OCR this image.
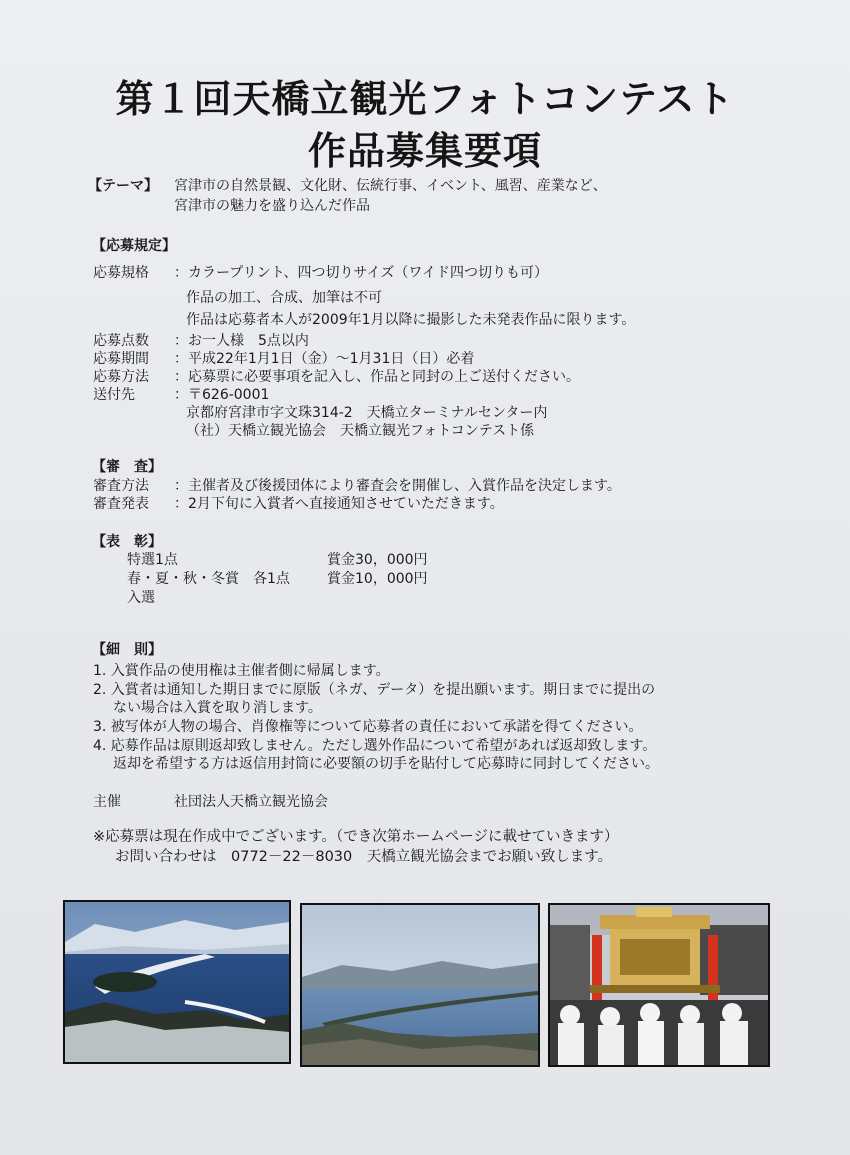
第１回天橋立観光フォトコンテスト
作品募集要項
【テーマ】 宮津市の自然景観、文化財、伝統行事、イベント、風習、産業など、
宮津市の魅力を盛り込んだ作品
【応募規定】
応募規格 ：カラープリント、四つ切りサイズ（ワイド四つ切りも可）
作品の加工、合成、加筆は不可
作品は応募者本人が2009年1月以降に撮影した未発表作品に限ります。
応募点数 ：お一人様　5点以内
応募期間 ：平成22年1月1日（金）～1月31日（日）必着
応募方法 ：応募票に必要事項を記入し、作品と同封の上ご送付ください。
送付先	：〒626-0001
京都府宮津市字文珠314-2　天橋立ターミナルセンター内
（社）天橋立観光協会　天橋立観光フォトコンテスト係
【審　査】
審査方法 ：主催者及び後援団体により審査会を開催し、入賞作品を決定します。
審査発表 ：2月下旬に入賞者へ直接通知させていただきます。
【表　彰】
特選1点	賞金30，000円
春・夏・秋・冬賞　各1点	賞金10，000円
入選
【細　則】
1. 入賞作品の使用権は主催者側に帰属します。
2. 入賞者は通知した期日までに原版（ネガ、データ）を提出願います。期日までに提出の
ない場合は入賞を取り消します。
3. 被写体が人物の場合、肖像権等について応募者の責任において承諾を得てください。
4. 応募作品は原則返却致しません。ただし選外作品について希望があれば返却致します。
返却を希望する方は返信用封筒に必要額の切手を貼付して応募時に同封してください。
主催	社団法人天橋立観光協会
※応募票は現在作成中でございます。（でき次第ホームページに載せていきます）
お問い合わせは　0772－22－8030　天橋立観光協会までお願い致します。
